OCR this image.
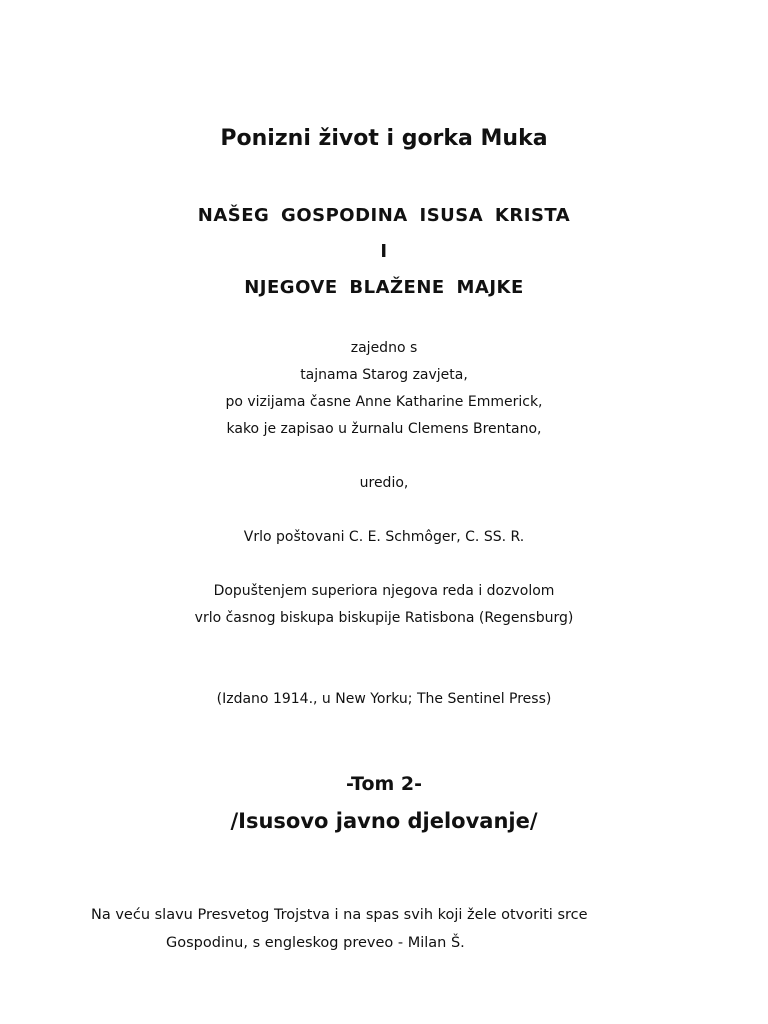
Ponizni život i gorka Muka
NAŠEG GOSPODINA ISUSA KRISTA
I
NJEGOVE BLAŽENE MAJKE
zajedno s
tajnama Starog zavjeta,
po vizijama časne Anne Katharine Emmerick,
kako je zapisao u žurnalu Clemens Brentano,
uredio,
Vrlo poštovani C. E. Schmôger, C. SS. R.
Dopuštenjem superiora njegova reda i dozvolom
vrlo časnog biskupa biskupije Ratisbona (Regensburg)
(Izdano 1914., u New Yorku; The Sentinel Press)
-Tom 2-
/Isusovo javno djelovanje/
Na veću slavu Presvetog Trojstva i na spas svih koji žele otvoriti srce
Gospodinu, s engleskog preveo - Milan Š.
